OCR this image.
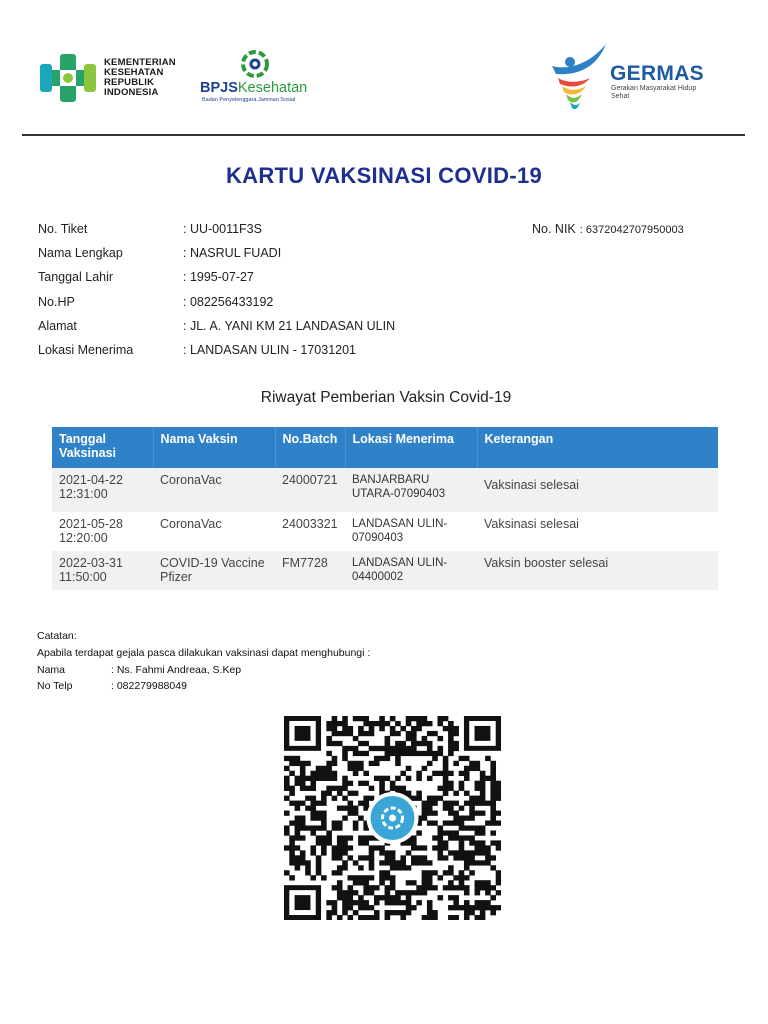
KEMENTERIAN
KESEHATAN
REPUBLIK
INDONESIA	BPJSKesehatan
Badan Penyelenggara Jaminan Sosial
GERMAS
Gerakan Masyarakat Hidup Sehat
KARTU VAKSINASI COVID-19
No. Tiket	: UU-0011F3S
Nama Lengkap	: NASRUL FUADI
Tanggal Lahir	: 1995-07-27
No.HP	: 082256433192
Alamat	: JL. A. YANI KM 21 LANDASAN ULIN
Lokasi Menerima	: LANDASAN ULIN - 17031201
No. NIK : 6372042707950003
Riwayat Pemberian Vaksin Covid-19
Tanggal Vaksinasi	Nama Vaksin	No.Batch	Lokasi Menerima	Keterangan
2021-04-22 12:31:00	CoronaVac	24000721	BANJARBARU UTARA-07090403	Vaksinasi selesai
2021-05-28 12:20:00	CoronaVac	24003321	LANDASAN ULIN-07090403	Vaksinasi selesai
2022-03-31 11:50:00	COVID-19 Vaccine Pfizer	FM7728	LANDASAN ULIN-04400002	Vaksin booster selesai
Catatan:
Apabila terdapat gejala pasca dilakukan vaksinasi dapat menghubungi :
Nama	: Ns. Fahmi Andreaa, S.Kep
No Telp	: 082279988049
